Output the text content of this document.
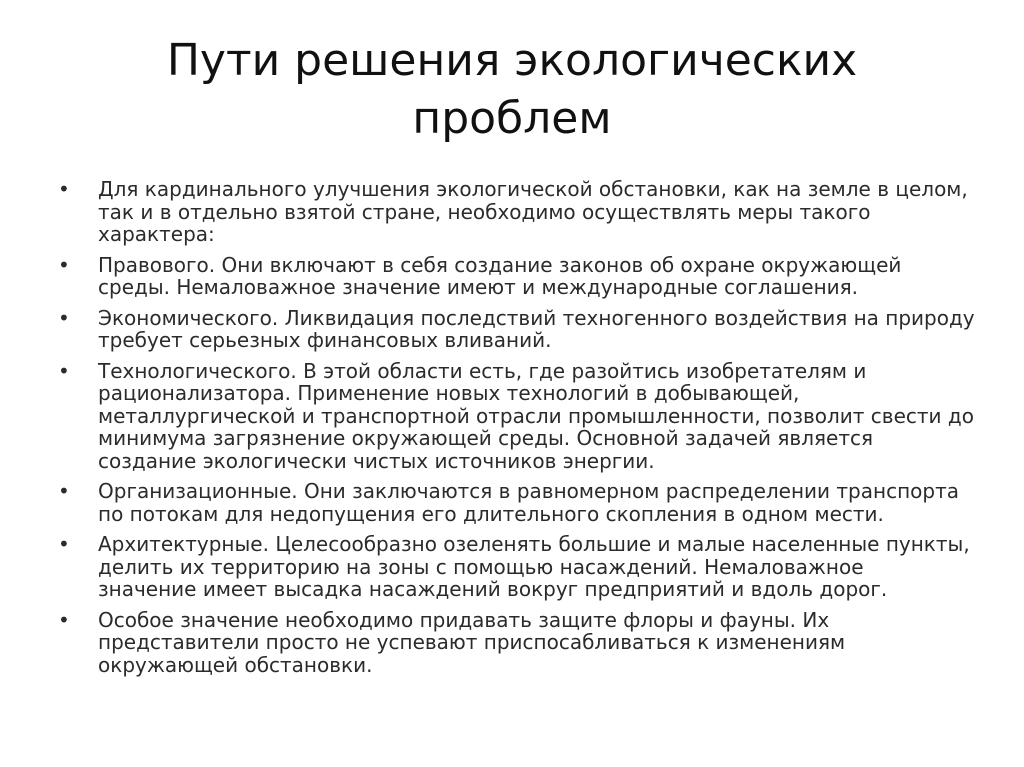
Пути решения экологических
проблем
•	Для кардинального улучшения экологической обстановки, как на земле в целом,
так и в отдельно взятой стране, необходимо осуществлять меры такого
характера:
•	Правового. Они включают в себя создание законов об охране окружающей
среды. Немаловажное значение имеют и международные соглашения.
•	Экономического. Ликвидация последствий техногенного воздействия на природу
требует серьезных финансовых вливаний.
•	Технологического. В этой области есть, где разойтись изобретателям и
рационализатора. Применение новых технологий в добывающей,
металлургической и транспортной отрасли промышленности, позволит свести до
минимума загрязнение окружающей среды. Основной задачей является
создание экологически чистых источников энергии.
•	Организационные. Они заключаются в равномерном распределении транспорта
по потокам для недопущения его длительного скопления в одном мести.
•	Архитектурные. Целесообразно озеленять большие и малые населенные пункты,
делить их территорию на зоны с помощью насаждений. Немаловажное
значение имеет высадка насаждений вокруг предприятий и вдоль дорог.
•	Особое значение необходимо придавать защите флоры и фауны. Их
представители просто не успевают приспосабливаться к изменениям
окружающей обстановки.
